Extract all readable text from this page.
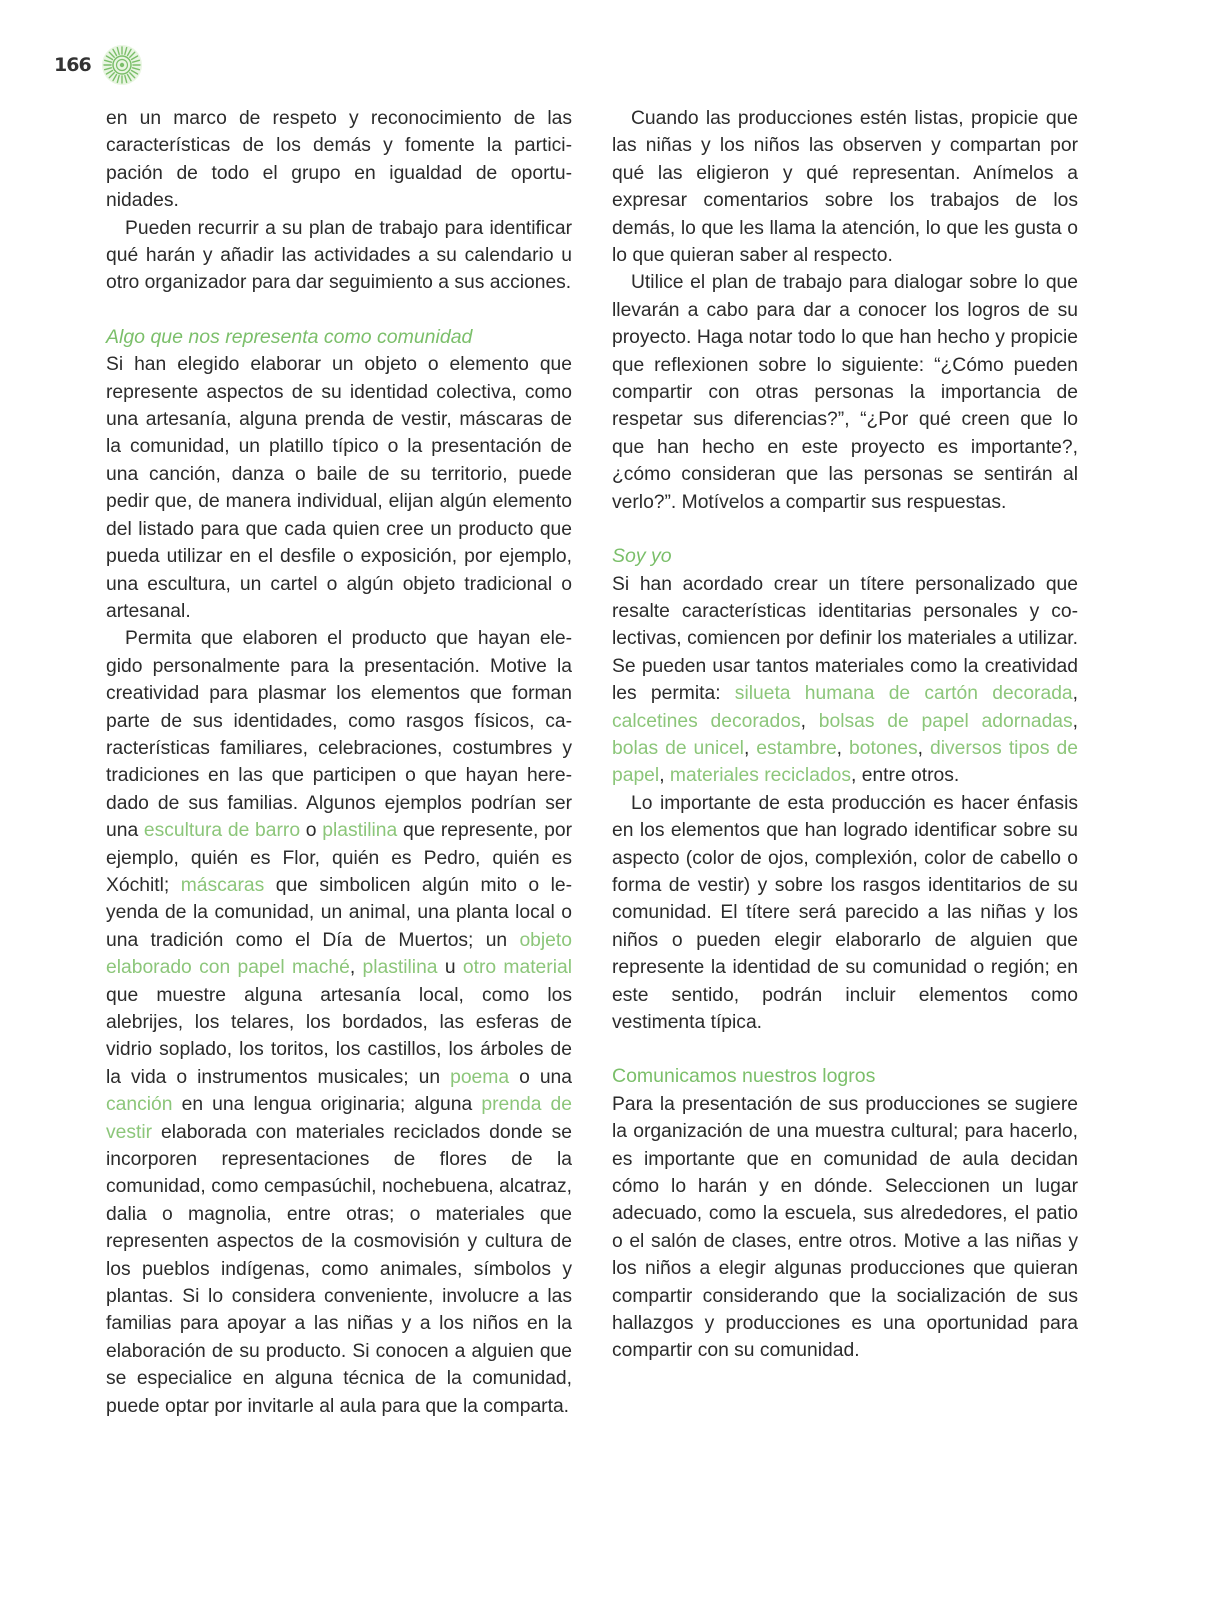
166

en un marco de respeto y reconocimiento de las características de los demás y fomente la participación de todo el grupo en igualdad de oportunidades.

Pueden recurrir a su plan de trabajo para identificar qué harán y añadir las actividades a su calendario u otro organizador para dar seguimiento a sus acciones.

Algo que nos representa como comunidad

Si han elegido elaborar un objeto o elemento que represente aspectos de su identidad colectiva, como una artesanía, alguna prenda de vestir, máscaras de la comunidad, un platillo típico o la presentación de una canción, danza o baile de su territorio, puede pedir que, de manera individual, elijan algún elemento del listado para que cada quien cree un producto que pueda utilizar en el desfile o exposición, por ejemplo, una escultura, un cartel o algún objeto tradicional o artesanal.

Permita que elaboren el producto que hayan elegido personalmente para la presentación. Motive la creatividad para plasmar los elementos que forman parte de sus identidades, como rasgos físicos, características familiares, celebraciones, costumbres y tradiciones en las que participen o que hayan heredado de sus familias. Algunos ejemplos podrían ser una escultura de barro o plastilina que represente, por ejemplo, quién es Flor, quién es Pedro, quién es Xóchitl; máscaras que simbolicen algún mito o leyenda de la comunidad, un animal, una planta local o una tradición como el Día de Muertos; un objeto elaborado con papel maché, plastilina u otro material que muestre alguna artesanía local, como los alebrijes, los telares, los bordados, las esferas de vidrio soplado, los toritos, los castillos, los árboles de la vida o instrumentos musicales; un poema o una canción en una lengua originaria; alguna prenda de vestir elaborada con materiales reciclados donde se incorporen representaciones de flores de la comunidad, como cempasúchil, nochebuena, alcatraz, dalia o magnolia, entre otras; o materiales que representen aspectos de la cosmovisión y cultura de los pueblos indígenas, como animales, símbolos y plantas. Si lo considera conveniente, involucre a las familias para apoyar a las niñas y a los niños en la elaboración de su producto. Si conocen a alguien que se especialice en alguna técnica de la comunidad, puede optar por invitarle al aula para que la comparta.

Cuando las producciones estén listas, propicie que las niñas y los niños las observen y compartan por qué las eligieron y qué representan. Anímelos a expresar comentarios sobre los trabajos de los demás, lo que les llama la atención, lo que les gusta o lo que quieran saber al respecto.

Utilice el plan de trabajo para dialogar sobre lo que llevarán a cabo para dar a conocer los logros de su proyecto. Haga notar todo lo que han hecho y propicie que reflexionen sobre lo siguiente: “¿Cómo pueden compartir con otras personas la importancia de respetar sus diferencias?”, “¿Por qué creen que lo que han hecho en este proyecto es importante?, ¿cómo consideran que las personas se sentirán al verlo?”. Motívelos a compartir sus respuestas.

Soy yo

Si han acordado crear un títere personalizado que resalte características identitarias personales y colectivas, comiencen por definir los materiales a utilizar. Se pueden usar tantos materiales como la creatividad les permita: silueta humana de cartón decorada, calcetines decorados, bolsas de papel adornadas, bolas de unicel, estambre, botones, diversos tipos de papel, materiales reciclados, entre otros.

Lo importante de esta producción es hacer énfasis en los elementos que han logrado identificar sobre su aspecto (color de ojos, complexión, color de cabello o forma de vestir) y sobre los rasgos identitarios de su comunidad. El títere será parecido a las niñas y los niños o pueden elegir elaborarlo de alguien que represente la identidad de su comunidad o región; en este sentido, podrán incluir elementos como vestimenta típica.

Comunicamos nuestros logros

Para la presentación de sus producciones se sugiere la organización de una muestra cultural; para hacerlo, es importante que en comunidad de aula decidan cómo lo harán y en dónde. Seleccionen un lugar adecuado, como la escuela, sus alrededores, el patio o el salón de clases, entre otros. Motive a las niñas y los niños a elegir algunas producciones que quieran compartir considerando que la socialización de sus hallazgos y producciones es una oportunidad para compartir con su comunidad.
